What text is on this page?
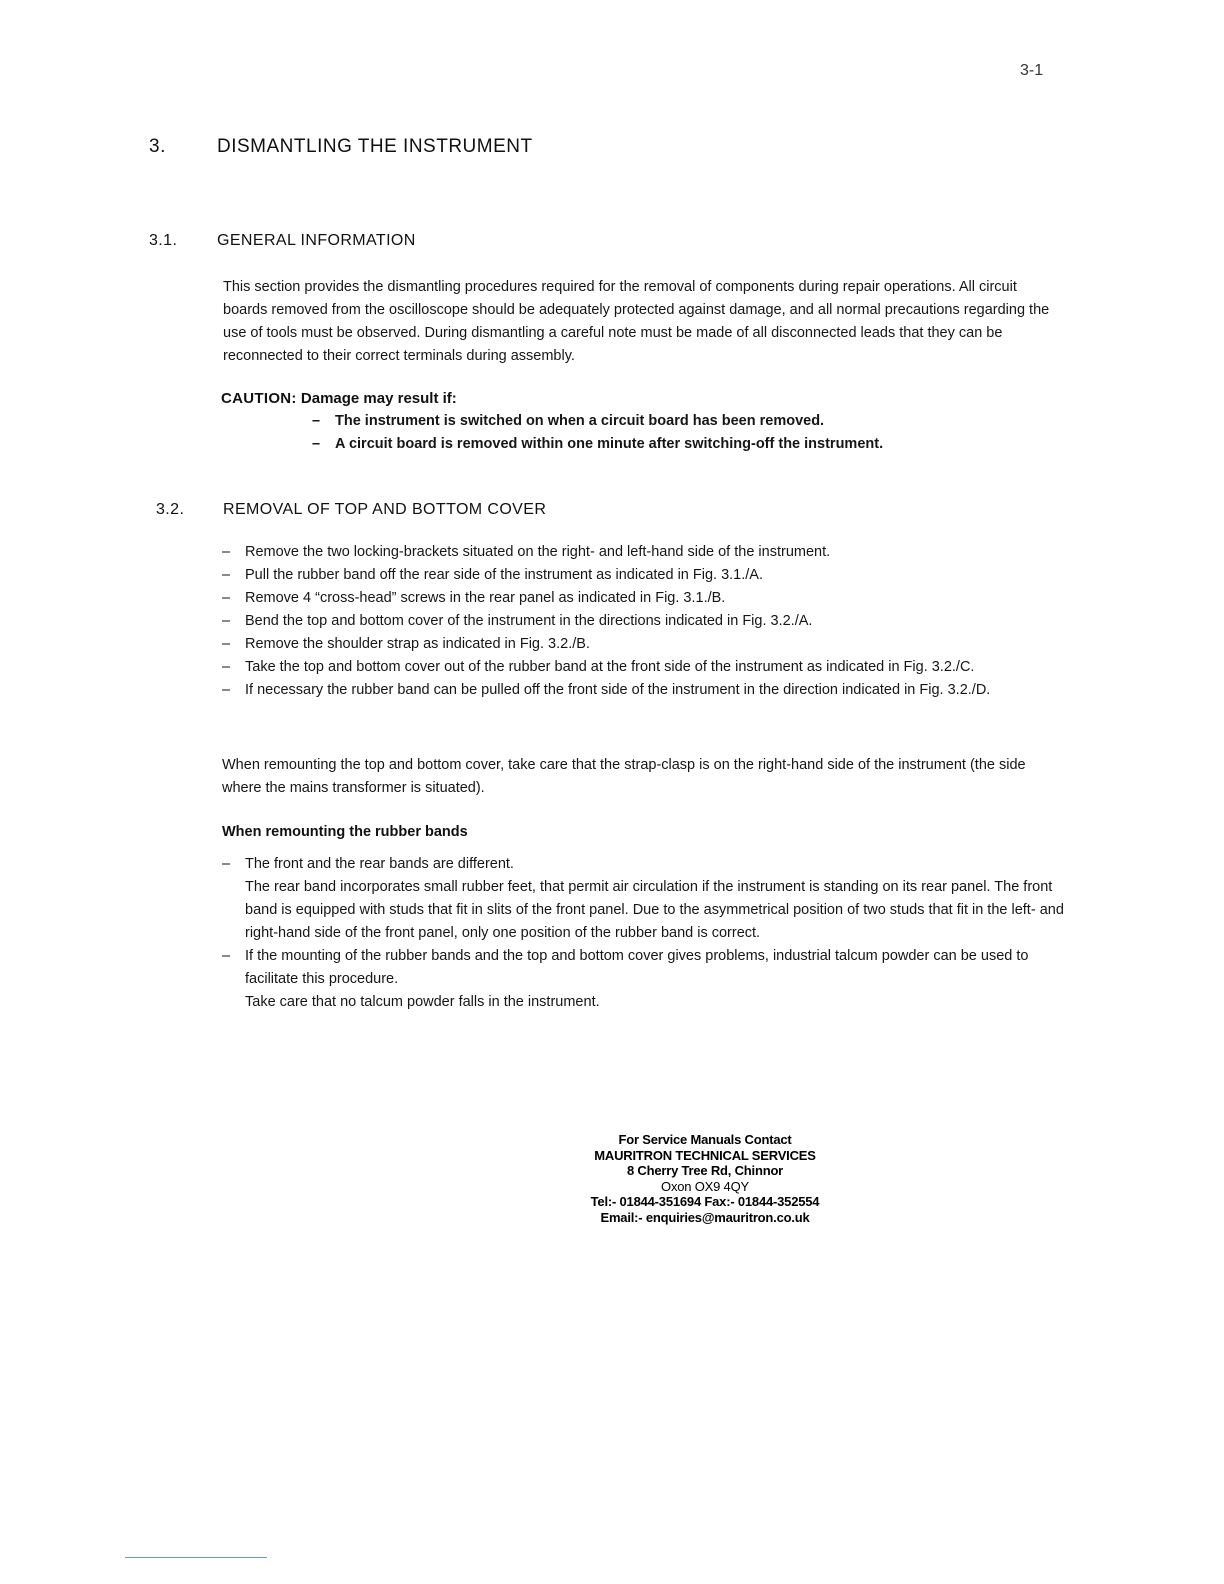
3-1
3.	DISMANTLING THE INSTRUMENT
3.1. GENERAL INFORMATION
This section provides the dismantling procedures required for the removal of components during repair operations. All circuit boards removed from the oscilloscope should be adequately protected against damage, and all normal precautions regarding the use of tools must be observed. During dismantling a careful note must be made of all disconnected leads that they can be reconnected to their correct terminals during assembly.
CAUTION: Damage may result if:
– The instrument is switched on when a circuit board has been removed.
– A circuit board is removed within one minute after switching-off the instrument.
3.2. REMOVAL OF TOP AND BOTTOM COVER
– Remove the two locking-brackets situated on the right- and left-hand side of the instrument.
– Pull the rubber band off the rear side of the instrument as indicated in Fig. 3.1./A.
– Remove 4 “cross-head” screws in the rear panel as indicated in Fig. 3.1./B.
– Bend the top and bottom cover of the instrument in the directions indicated in Fig. 3.2./A.
– Remove the shoulder strap as indicated in Fig. 3.2./B.
– Take the top and bottom cover out of the rubber band at the front side of the instrument as indicated in Fig. 3.2./C.
– If necessary the rubber band can be pulled off the front side of the instrument in the direction indicated in Fig. 3.2./D.
When remounting the top and bottom cover, take care that the strap-clasp is on the right-hand side of the instrument (the side where the mains transformer is situated).
When remounting the rubber bands

– The front and the rear bands are different.

The rear band incorporates small rubber feet, that permit air circulation if the instrument is standing on its rear panel. The front band is equipped with studs that fit in slits of the front panel. Due to the asymmetrical position of two studs that fit in the left- and right-hand side of the front panel, only one position of the rubber band is correct.

– If the mounting of the rubber bands and the top and bottom cover gives problems, industrial talcum powder can be used to facilitate this procedure.

Take care that no talcum powder falls in the instrument.

For Service Manuals Contact
MAURITRON TECHNICAL SERVICES
8 Cherry Tree Rd, Chinnor
Oxon OX9 4QY
Tel:- 01844-351694 Fax:- 01844-352554
Email:- enquiries@mauritron.co.uk
